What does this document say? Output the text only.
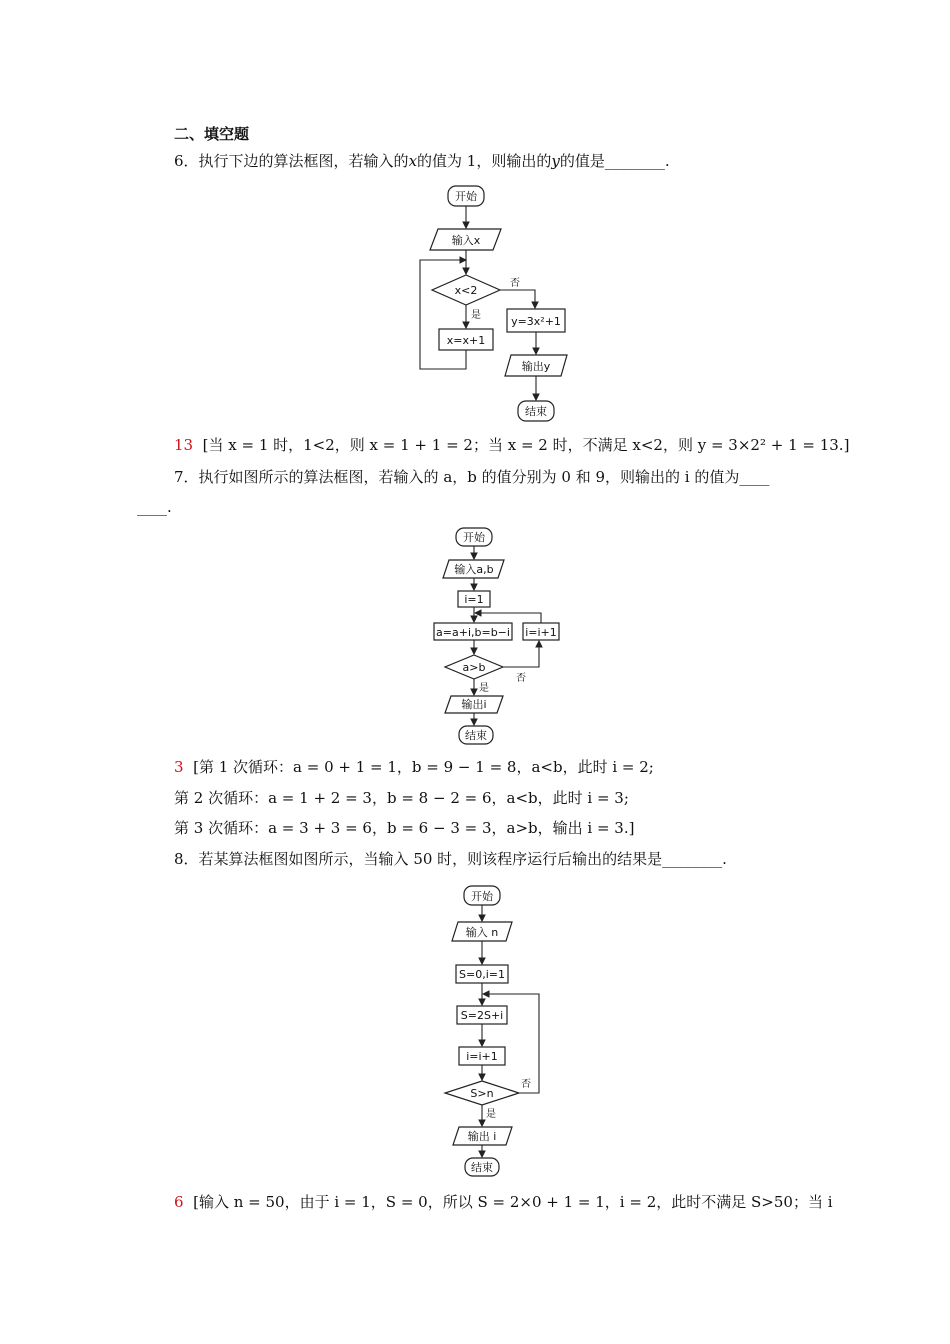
二、填空题
6．执行下边的算法框图，若输入的x的值为 1，则输出的y的值是________.
开始
输入x
x<2
是
x=x+1
否
y=3x²+1
输出y
结束
13 [当 x = 1 时，1<2，则 x = 1 + 1 = 2；当 x = 2 时，不满足 x<2，则 y = 3×2² + 1 = 13.]
7．执行如图所示的算法框图，若输入的 a，b 的值分别为 0 和 9，则输出的 i 的值为____
____.
开始
输入a,b
i=1
a=a+i,b=b−i
a>b
否
i=i+1
是
输出i
结束
3 [第 1 次循环：a = 0 + 1 = 1，b = 9 − 1 = 8，a<b，此时 i = 2;
第 2 次循环：a = 1 + 2 = 3，b = 8 − 2 = 6，a<b，此时 i = 3;
第 3 次循环：a = 3 + 3 = 6，b = 6 − 3 = 3，a>b，输出 i = 3.]
8．若某算法框图如图所示，当输入 50 时，则该程序运行后输出的结果是________.
开始
输入 n
S=0,i=1
S=2S+i
i=i+1
S>n
否
是
输出 i
结束
6 [输入 n = 50，由于 i = 1，S = 0，所以 S = 2×0 + 1 = 1，i = 2，此时不满足 S>50；当 i
